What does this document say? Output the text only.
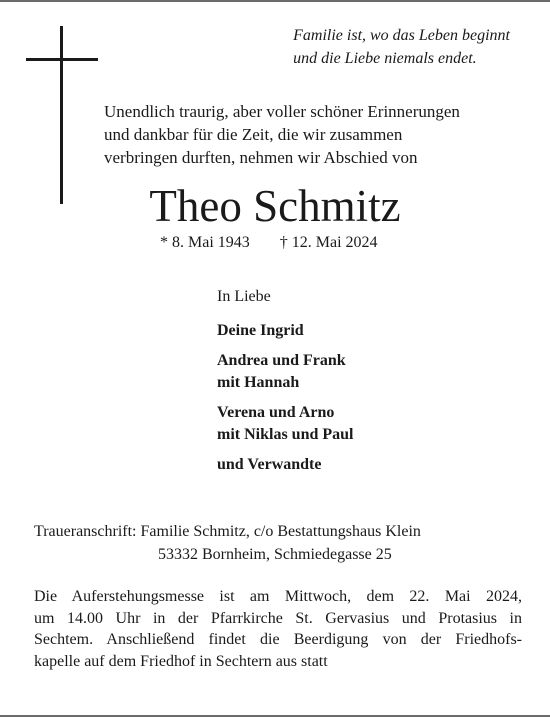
Familie ist, wo das Leben beginnt
und die Liebe niemals endet.
Unendlich traurig, aber voller schöner Erinnerungen
und dankbar für die Zeit, die wir zusammen
verbringen durften, nehmen wir Abschied von
Theo Schmitz
* 8. Mai 1943 † 12. Mai 2024
In Liebe
Deine Ingrid
Andrea und Frank
mit Hannah
Verena und Arno
mit Niklas und Paul
und Verwandte
Traueranschrift: Familie Schmitz, c/o Bestattungshaus Klein
53332 Bornheim, Schmiedegasse 25
Die Auferstehungsmesse ist am Mittwoch, dem 22. Mai 2024,
um 14.00 Uhr in der Pfarrkirche St. Gervasius und Protasius in
Sechtem. Anschließend findet die Beerdigung von der Friedhofs-
kapelle auf dem Friedhof in Sechtern aus statt
